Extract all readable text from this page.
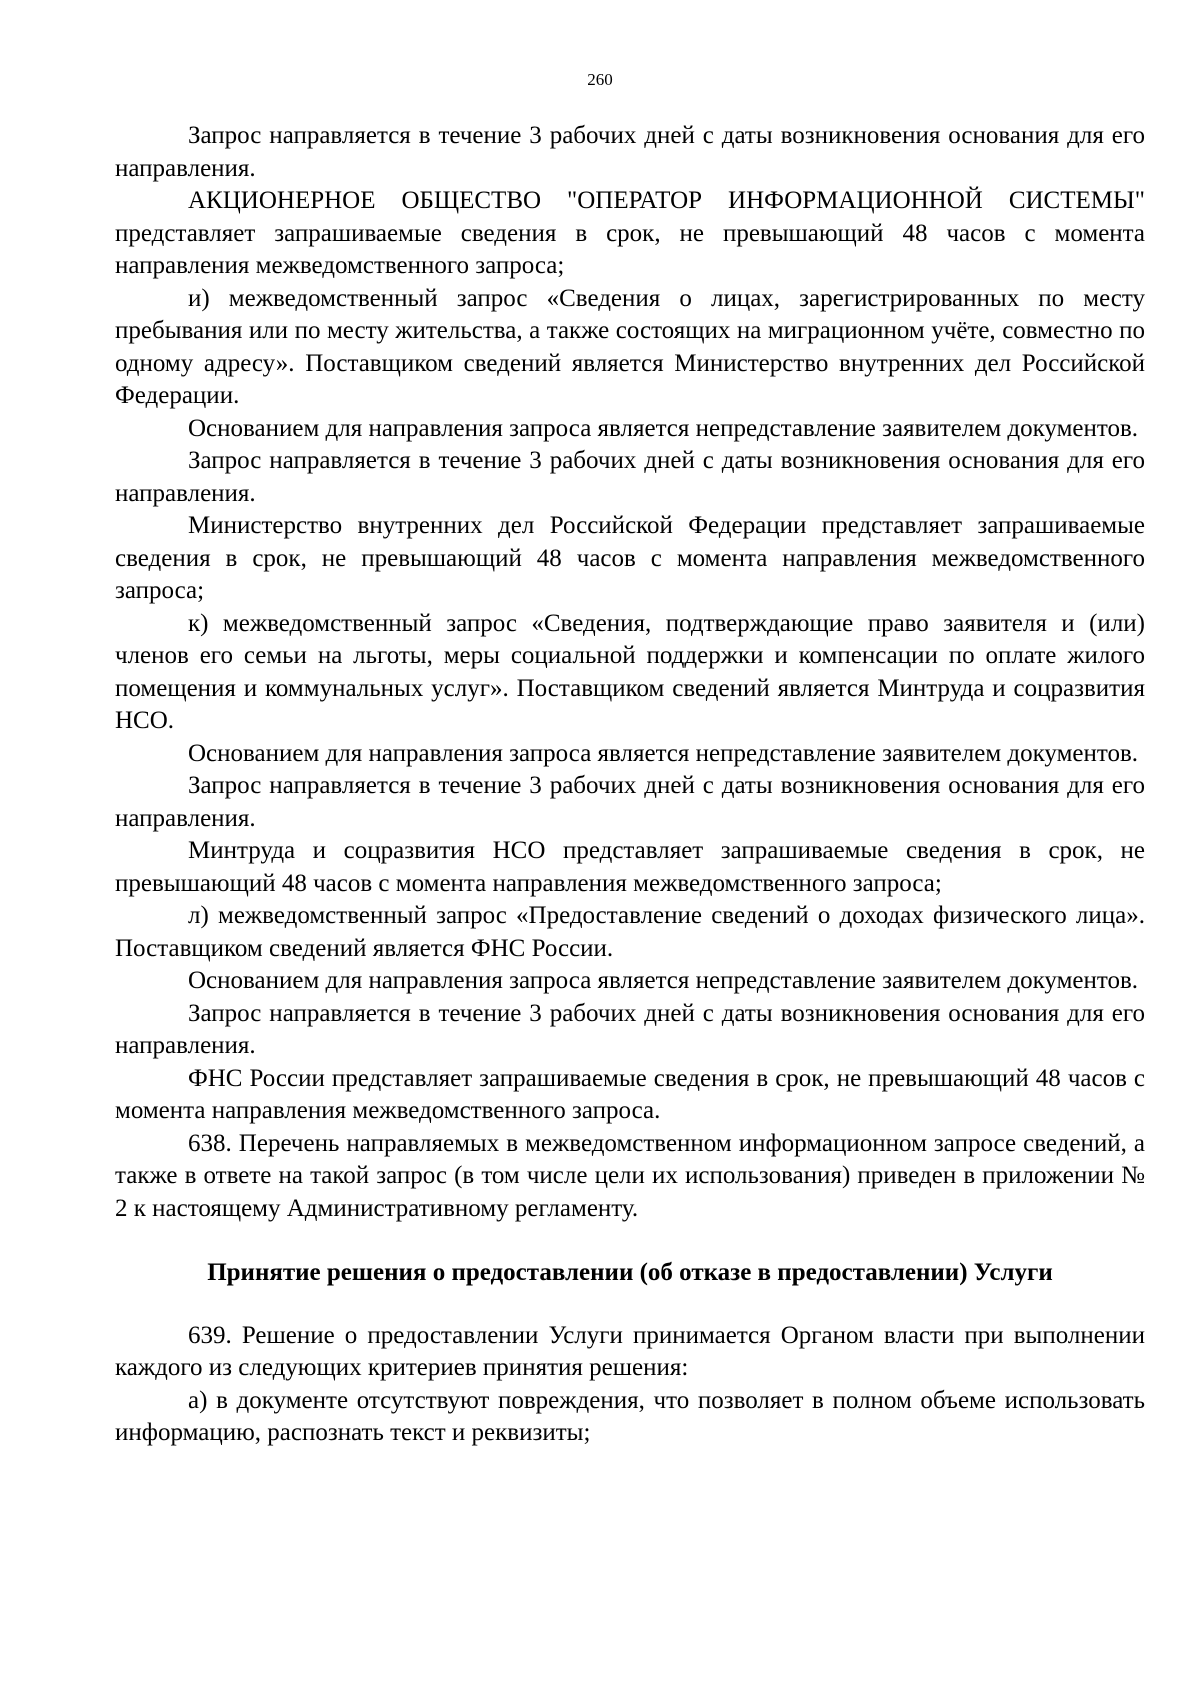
260

Запрос направляется в течение 3 рабочих дней с даты возникновения основания для его направления.

АКЦИОНЕРНОЕ ОБЩЕСТВО "ОПЕРАТОР ИНФОРМАЦИОННОЙ СИСТЕМЫ" представляет запрашиваемые сведения в срок, не превышающий 48 часов с момента направления межведомственного запроса;

и) межведомственный запрос «Сведения о лицах, зарегистрированных по месту пребывания или по месту жительства, а также состоящих на миграционном учёте, совместно по одному адресу». Поставщиком сведений является Министерство внутренних дел Российской Федерации.

Основанием для направления запроса является непредставление заявителем документов.

Запрос направляется в течение 3 рабочих дней с даты возникновения основания для его направления.

Министерство внутренних дел Российской Федерации представляет запрашиваемые сведения в срок, не превышающий 48 часов с момента направления межведомственного запроса;

к) межведомственный запрос «Сведения, подтверждающие право заявителя и (или) членов его семьи на льготы, меры социальной поддержки и компенсации по оплате жилого помещения и коммунальных услуг». Поставщиком сведений является Минтруда и соцразвития НСО.

Основанием для направления запроса является непредставление заявителем документов.

Запрос направляется в течение 3 рабочих дней с даты возникновения основания для его направления.

Минтруда и соцразвития НСО представляет запрашиваемые сведения в срок, не превышающий 48 часов с момента направления межведомственного запроса;

л) межведомственный запрос «Предоставление сведений о доходах физического лица». Поставщиком сведений является ФНС России.

Основанием для направления запроса является непредставление заявителем документов.

Запрос направляется в течение 3 рабочих дней с даты возникновения основания для его направления.

ФНС России представляет запрашиваемые сведения в срок, не превышающий 48 часов с момента направления межведомственного запроса.

638. Перечень направляемых в межведомственном информационном запросе сведений, а также в ответе на такой запрос (в том числе цели их использования) приведен в приложении № 2 к настоящему Административному регламенту.

Принятие решения о предоставлении (об отказе в предоставлении) Услуги

639. Решение о предоставлении Услуги принимается Органом власти при выполнении каждого из следующих критериев принятия решения:

а) в документе отсутствуют повреждения, что позволяет в полном объеме использовать информацию, распознать текст и реквизиты;
